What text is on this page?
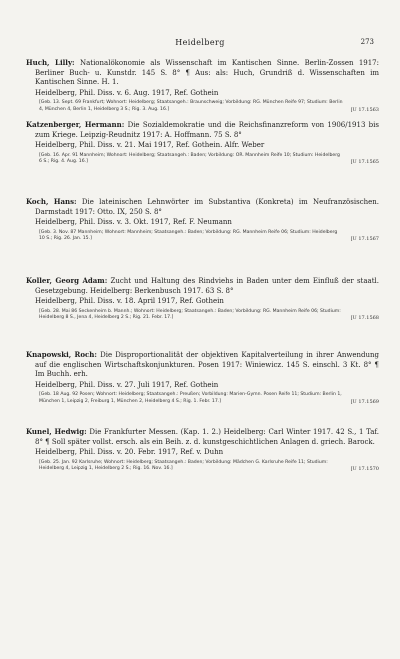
Heidelberg	273
Huch, Lilly: Nationalökonomie als Wissenschaft im Kantischen Sinne. Berlin-Zossen 1917: Berliner Buch- u. Kunstdr. 145 S. 8° ¶ Aus: als: Huch, Grundriß d. Wissenschaften im Kantischen Sinne. H. 1.
Heidelberg, Phil. Diss. v. 6. Aug. 1917, Ref. Gothein
[Geb. 13. Sept. 69 Frankfurt; Wohnort: Heidelberg; Staatsangeh.: Braunschweig; Vorbildung: RG. München Reife 97; Studium: Berlin 4, München 4, Berlin 1, Heidelberg 3 S.; Rig. 3. Aug. 16.]	[U 17.1563
Katzenberger, Hermann: Die Sozialdemokratie und die Reichsfinanzreform von 1906/1913 bis zum Kriege. Leipzig-Reudnitz 1917: A. Hoffmann. 75 S. 8°
Heidelberg, Phil. Diss. v. 21. Mai 1917, Ref. Gothein. Alfr. Weber
[Geb. 16. Apr. 91 Mannheim; Wohnort: Heidelberg; Staatsangeh.: Baden; Vorbildung: OR. Mannheim Reife 10; Studium: Heidelberg 6 S.; Rig. 4. Aug. 16.]	[U 17.1565
Koch, Hans: Die lateinischen Lehnwörter im Substantiva (Konkreta) im Neufranzösischen. Darmstadt 1917: Otto. IX, 250 S. 8°
Heidelberg, Phil. Diss. v. 3. Okt. 1917, Ref. F. Neumann
[Geb. 3. Nov. 87 Mannheim; Wohnort: Mannheim; Staatsangeh.: Baden; Vorbildung: RG. Mannheim Reife 06; Studium: Heidelberg 10 S.; Rig. 26. Jan. 15.]	[U 17.1567
Koller, Georg Adam: Zucht und Haltung des Rindviehs in Baden unter dem Einfluß der staatl. Gesetzgebung. Heidelberg: Berkenbusch 1917. 63 S. 8°
Heidelberg, Phil. Diss. v. 18. April 1917, Ref. Gothein
[Geb. 28. Mai 86 Seckenheim b. Mannh.; Wohnort: Heidelberg; Staatsangeh.: Baden; Vorbildung: RG. Mannheim Reife 06; Studium: Heidelberg 8 S., Jena 4, Heidelberg 2 S.; Rig. 21. Febr. 17.]	[U 17.1568
Knapowski, Roch: Die Disproportionalität der objektiven Kapitalverteilung in ihrer Anwendung auf die englischen Wirtschaftskonjunkturen. Posen 1917: Winiewicz. 145 S. einschl. 3 Kt. 8° ¶ Im Buchh. erh.
Heidelberg, Phil. Diss. v. 27. Juli 1917, Ref. Gothein
[Geb. 18 Aug. 92 Posen; Wohnort: Heidelberg; Staatsangeh.: Preußen; Vorbildung: Marien-Gymn. Posen Reife 11; Studium: Berlin 1, München 1, Leipzig 2, Freiburg 1, München 2, Heidelberg 4 S.; Rig. 1. Febr. 17.]	[U 17.1569
Kunel, Hedwig: Die Frankfurter Messen. (Kap. 1. 2.) Heidelberg: Carl Winter 1917. 42 S., 1 Taf. 8° ¶ Soll später vollst. ersch. als ein Beih. z. d. kunstgeschichtlichen Anlagen d. griech. Barock.
Heidelberg, Phil. Diss. v. 20. Febr. 1917, Ref. v. Duhn
[Geb. 25. Jan. 92 Karlsruhe; Wohnort: Heidelberg; Staatsangeh.: Baden; Vorbildung: Mädchen G. Karlsruhe Reife 11; Studium: Heidelberg 4, Leipzig 1, Heidelberg 2 S.; Rig. 16. Nov. 16.]	[U 17.1570
